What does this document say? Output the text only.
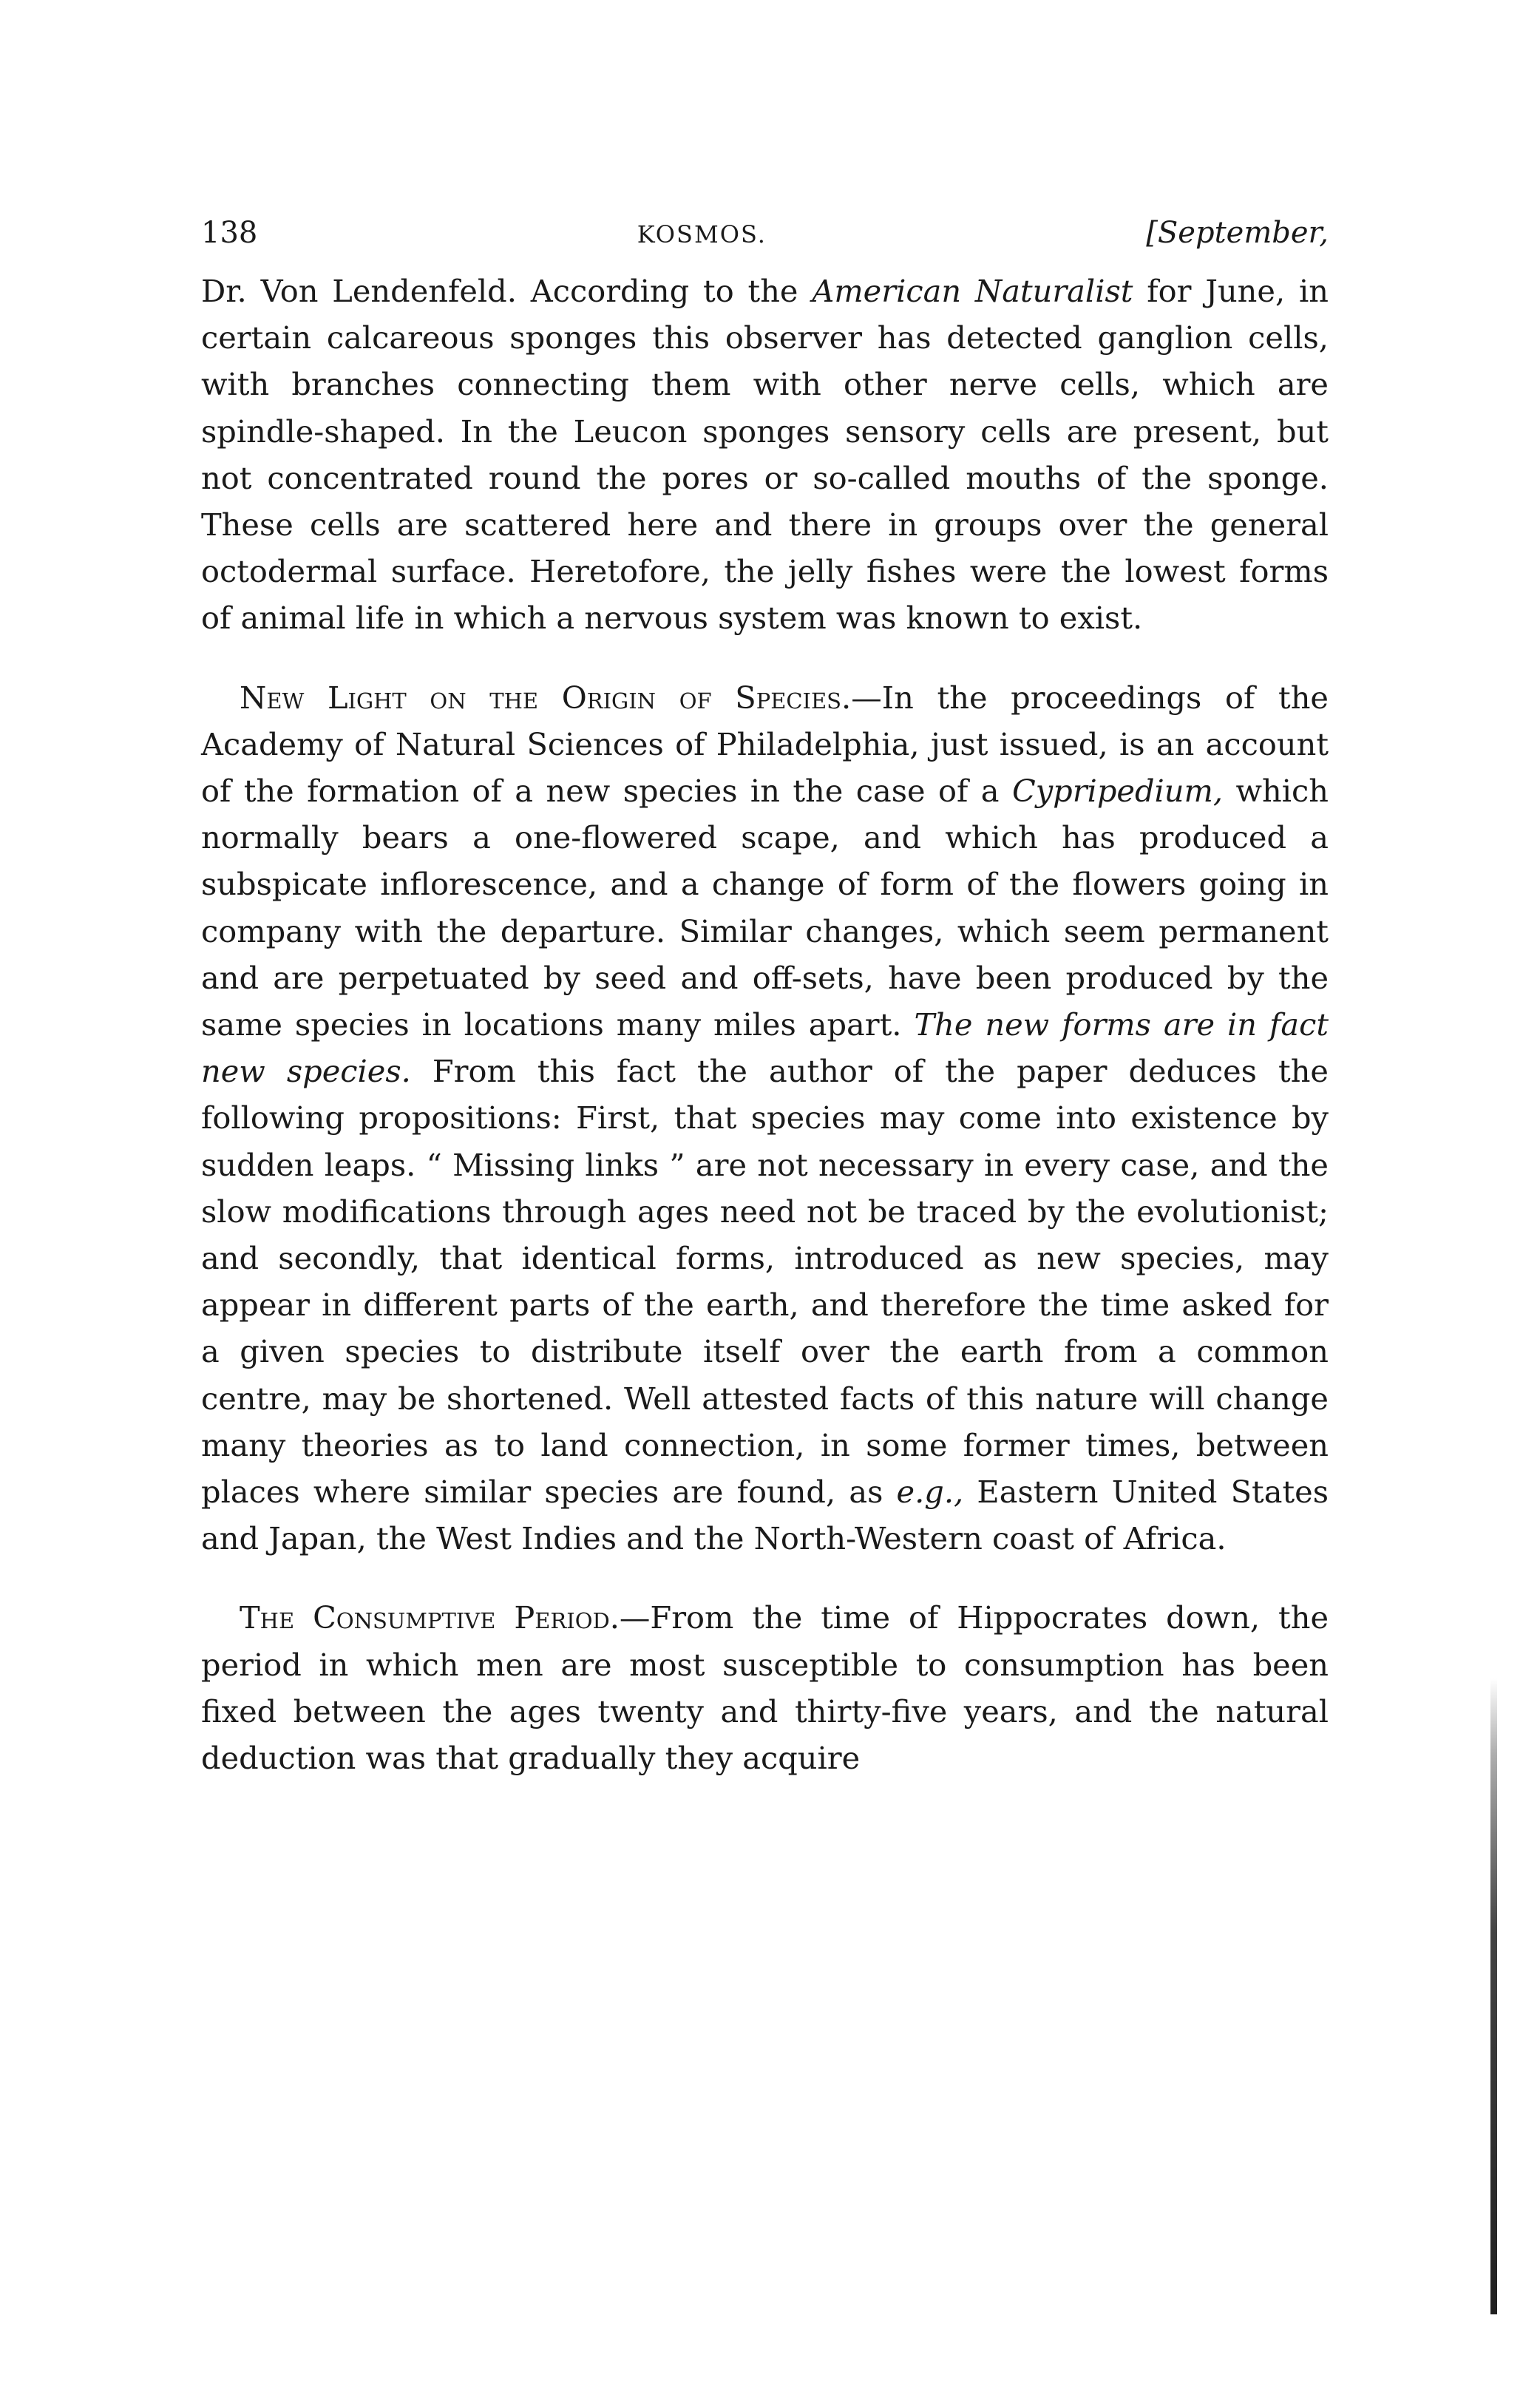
138	KOSMOS.	[September,

Dr. Von Lendenfeld. According to the American Naturalist for June, in certain calcareous sponges this observer has detected ganglion cells, with branches connecting them with other nerve cells, which are spindle-shaped. In the Leucon sponges sensory cells are present, but not concentrated round the pores or so-called mouths of the sponge. These cells are scattered here and there in groups over the general octodermal surface. Heretofore, the jelly fishes were the lowest forms of animal life in which a nervous system was known to exist.

New Light on the Origin of Species.—In the proceedings of the Academy of Natural Sciences of Philadelphia, just issued, is an account of the formation of a new species in the case of a Cypripedium, which normally bears a one-flowered scape, and which has produced a subspicate inflorescence, and a change of form of the flowers going in company with the departure. Similar changes, which seem permanent and are perpetuated by seed and off-sets, have been produced by the same species in locations many miles apart. The new forms are in fact new species. From this fact the author of the paper deduces the following propositions: First, that species may come into existence by sudden leaps. “ Missing links ” are not necessary in every case, and the slow modifications through ages need not be traced by the evolutionist; and secondly, that identical forms, introduced as new species, may appear in different parts of the earth, and therefore the time asked for a given species to distribute itself over the earth from a common centre, may be shortened. Well attested facts of this nature will change many theories as to land connection, in some former times, between places where similar species are found, as e.g., Eastern United States and Japan, the West Indies and the North-Western coast of Africa.

The Consumptive Period.—From the time of Hippocrates down, the period in which men are most susceptible to consumption has been fixed between the ages twenty and thirty-five years, and the natural deduction was that gradually they acquire
